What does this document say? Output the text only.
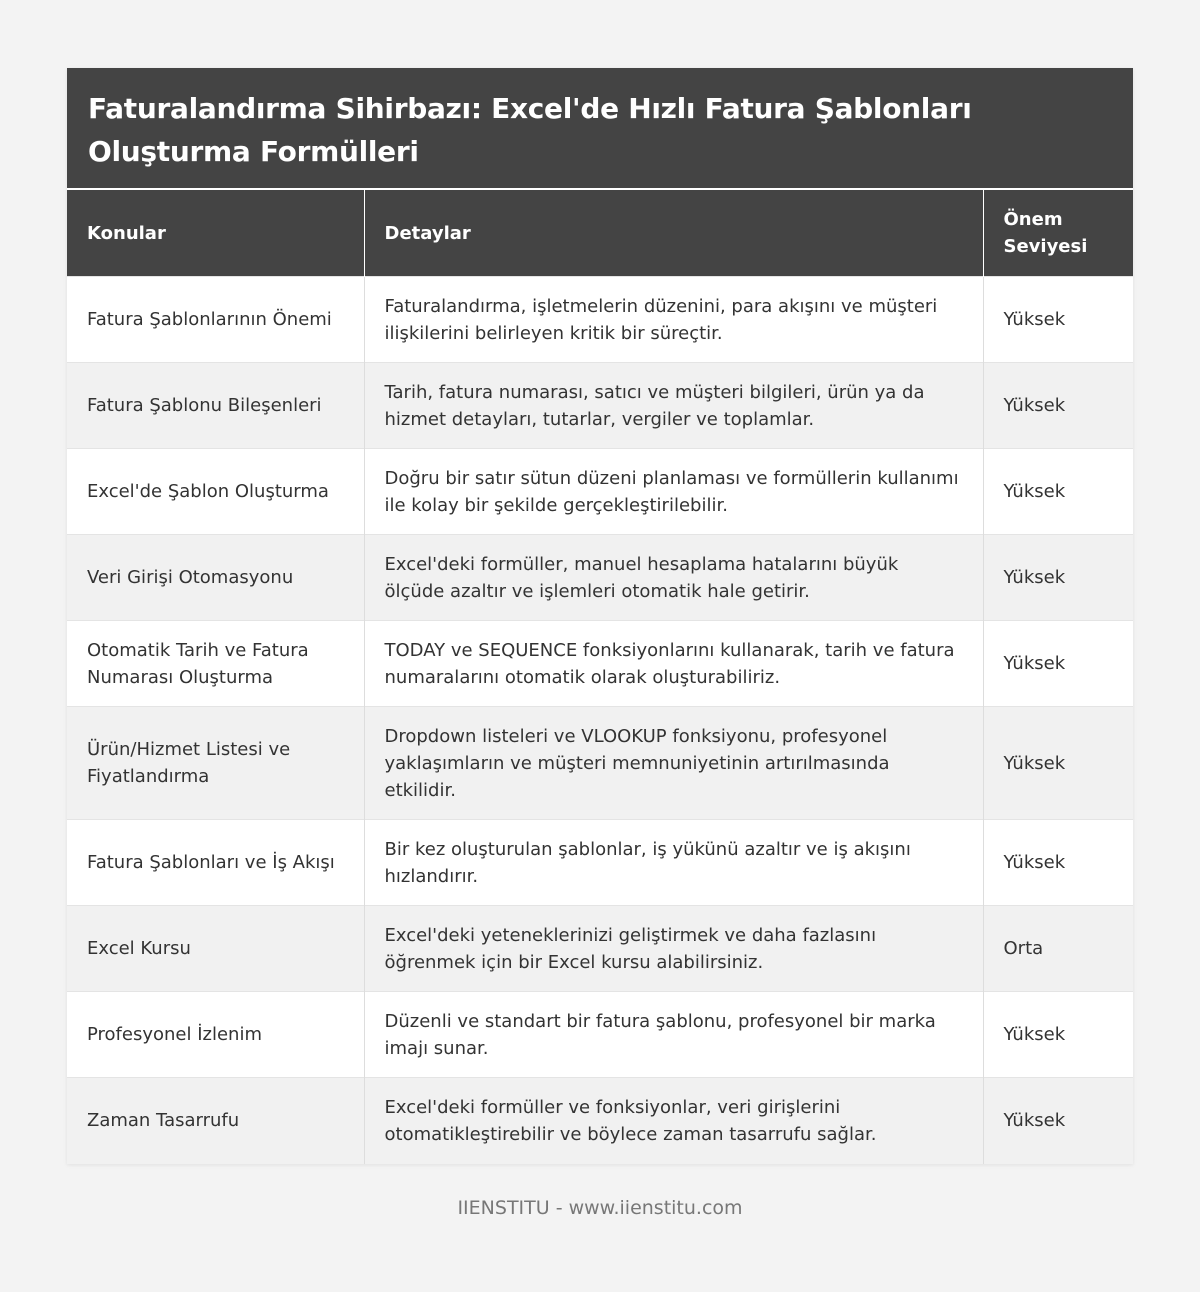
Faturalandırma Sihirbazı: Excel'de Hızlı Fatura Şablonları Oluşturma Formülleri
Konular	Detaylar	Önem Seviyesi
Fatura Şablonlarının Önemi	Faturalandırma, işletmelerin düzenini, para akışını ve müşteri ilişkilerini belirleyen kritik bir süreçtir.	Yüksek
Fatura Şablonu Bileşenleri	Tarih, fatura numarası, satıcı ve müşteri bilgileri, ürün ya da hizmet detayları, tutarlar, vergiler ve toplamlar.	Yüksek
Excel'de Şablon Oluşturma	Doğru bir satır sütun düzeni planlaması ve formüllerin kullanımı ile kolay bir şekilde gerçekleştirilebilir.	Yüksek
Veri Girişi Otomasyonu	Excel'deki formüller, manuel hesaplama hatalarını büyük ölçüde azaltır ve işlemleri otomatik hale getirir.	Yüksek
Otomatik Tarih ve Fatura Numarası Oluşturma	TODAY ve SEQUENCE fonksiyonlarını kullanarak, tarih ve fatura numaralarını otomatik olarak oluşturabiliriz.	Yüksek
Ürün/Hizmet Listesi ve Fiyatlandırma	Dropdown listeleri ve VLOOKUP fonksiyonu, profesyonel yaklaşımların ve müşteri memnuniyetinin artırılmasında etkilidir.	Yüksek
Fatura Şablonları ve İş Akışı	Bir kez oluşturulan şablonlar, iş yükünü azaltır ve iş akışını hızlandırır.	Yüksek
Excel Kursu	Excel'deki yeteneklerinizi geliştirmek ve daha fazlasını öğrenmek için bir Excel kursu alabilirsiniz.	Orta
Profesyonel İzlenim	Düzenli ve standart bir fatura şablonu, profesyonel bir marka imajı sunar.	Yüksek
Zaman Tasarrufu	Excel'deki formüller ve fonksiyonlar, veri girişlerini otomatikleştirebilir ve böylece zaman tasarrufu sağlar.	Yüksek
IIENSTITU - www.iienstitu.com
